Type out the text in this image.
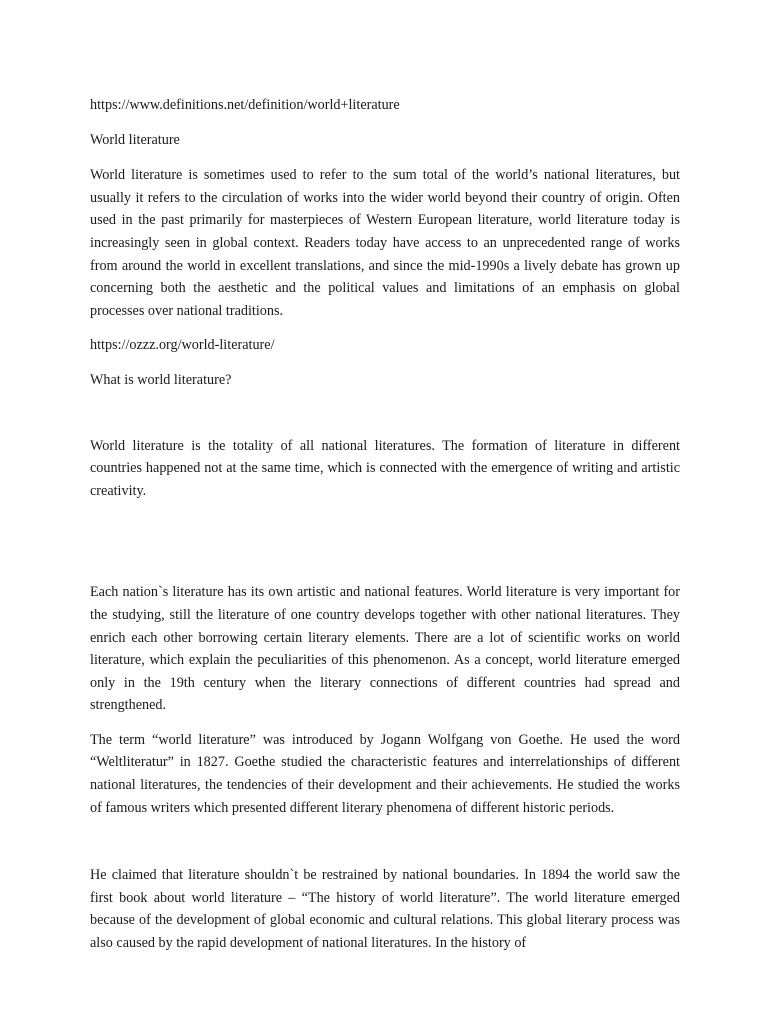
https://www.definitions.net/definition/world+literature

World literature

World literature is sometimes used to refer to the sum total of the world’s national literatures, but usually it refers to the circulation of works into the wider world beyond their country of origin. Often used in the past primarily for masterpieces of Western European literature, world literature today is increasingly seen in global context. Readers today have access to an unprecedented range of works from around the world in excellent translations, and since the mid-1990s a lively debate has grown up concerning both the aesthetic and the political values and limitations of an emphasis on global processes over national traditions.

https://ozzz.org/world-literature/

What is world literature?

World literature is the totality of all national literatures. The formation of literature in different countries happened not at the same time, which is connected with the emergence of writing and artistic creativity.

Each nation`s literature has its own artistic and national features. World literature is very important for the studying, still the literature of one country develops together with other national literatures. They enrich each other borrowing certain literary elements. There are a lot of scientific works on world literature, which explain the peculiarities of this phenomenon. As a concept, world literature emerged only in the 19th century when the literary connections of different countries had spread and strengthened.

The term “world literature” was introduced by Jogann Wolfgang von Goethe. He used the word “Weltliteratur” in 1827. Goethe studied the characteristic features and interrelationships of different national literatures, the tendencies of their development and their achievements. He studied the works of famous writers which presented different literary phenomena of different historic periods.

He claimed that literature shouldn`t be restrained by national boundaries. In 1894 the world saw the first book about world literature – “The history of world literature”. The world literature emerged because of the development of global economic and cultural relations. This global literary process was also caused by the rapid development of national literatures. In the history of
